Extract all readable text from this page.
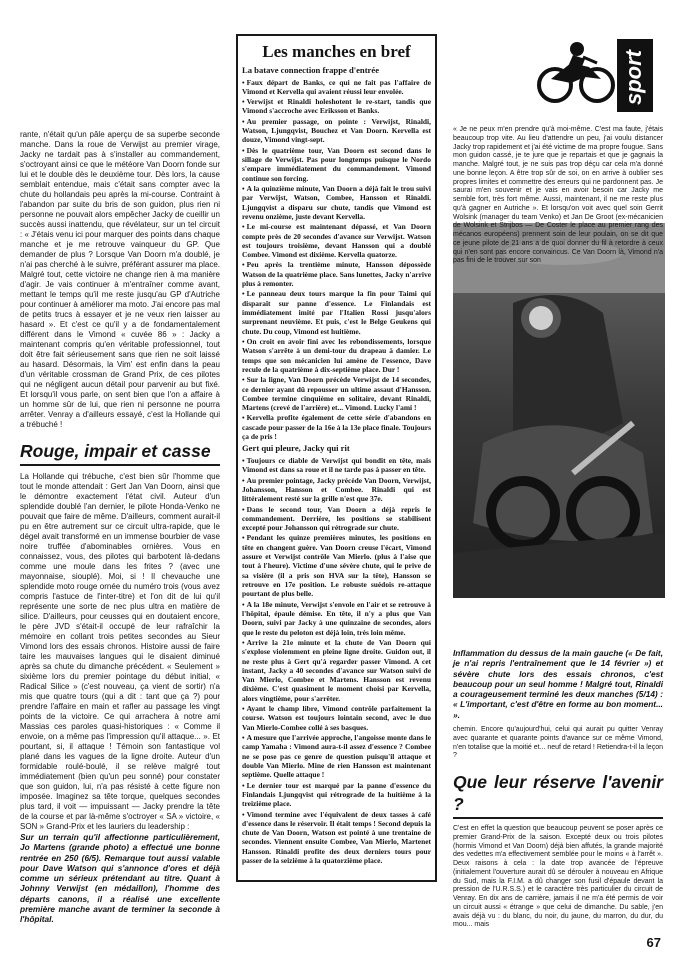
rante, n'était qu'un pâle aperçu de sa superbe seconde manche. Dans la roue de Verwijst au premier virage, Jacky ne tardait pas à s'installer au commandement, s'octroyant ainsi ce que le météore Van Doorn fonde sur lui et le double dès le deuxième tour. Dès lors, la cause semblait entendue, mais c'était sans compter avec la chute du hollandais peu après la mi-course. Contraint à l'abandon par suite du bris de son guidon, plus rien ni personne ne pouvait alors empêcher Jacky de cueillir un succès aussi inattendu, que révélateur, sur un tel circuit : « J'étais venu ici pour marquer des points dans chaque manche et je me retrouve vainqueur du GP. Que demander de plus ? Lorsque Van Doorn m'a doublé, je n'ai pas cherché à le suivre, préférant assurer ma place. Malgré tout, cette victoire ne change rien à ma manière d'agir. Je vais continuer à m'entraîner comme avant, mettant le temps qu'il me reste jusqu'au GP d'Autriche pour continuer à améliorer ma moto. J'ai encore pas mal de petits trucs à essayer et je ne veux rien laisser au hasard ». Et c'est ce qu'il y a de fondamentalement différent dans le Vimond « cuvée 86 » : Jacky a maintenant compris qu'en véritable professionnel, tout doit être fait sérieusement sans que rien ne soit laissé au hasard. Désormais, la Vim' est enfin dans la peau d'un véritable crossman de Grand Prix, de ces pilotes qui ne négligent aucun détail pour parvenir au but fixé. Et lorsqu'il vous parle, on sent bien que l'on a affaire à un homme sûr de lui, que rien ni personne ne pourra arrêter. Venray a d'ailleurs essayé, c'est la Hollande qui a trébuché !

Rouge, impair et casse

La Hollande qui trébuche, c'est bien sûr l'homme que tout le monde attendait : Gert Jan Van Doorn, ainsi que le démontre exactement l'état civil. Auteur d'un splendide doublé l'an dernier, le pilote Honda-Venko ne pouvait que faire de même. D'ailleurs, comment aurait-il pu en être autrement sur ce circuit ultra-rapide, que le dégel avait transformé en un immense bourbier de vase noire truffée d'abominables ornières. Vous en connaissez, vous, des pilotes qui barbotent là-dedans comme une moule dans les frites ? (avec une mayonnaise, siouplé). Moi, si ! Il chevauche une splendide moto rouge ornée du numéro trois (vous avez compris l'astuce de l'inter-titre) et l'on dit de lui qu'il représente une sorte de nec plus ultra en matière de silice. D'ailleurs, pour ceusses qui en doutaient encore, le père JVD s'était-il occupé de leur rafraîchir la mémoire en collant trois petites secondes au Sieur Vimond lors des essais chronos. Histoire aussi de faire taire les mauvaises langues qui le disaient diminué après sa chute du dimanche précédent. « Seulement » sixième lors du premier pointage du début initial, « Radical Silice » (c'est nouveau, ça vient de sortir) n'a mis que quatre tours (qui a dit : tant que ça ?) pour prendre l'affaire en main et rafler au passage les vingt points de la victoire. Ce qui arrachera à notre ami Massias ces paroles quasi-historiques : « Comme il envoie, on a même pas l'impression qu'il attaque... ». Et pourtant, si, il attaque ! Témoin son fantastique vol plané dans les vagues de la ligne droite. Auteur d'un formidable roulé-boulé, il se relève malgré tout immédiatement (bien qu'un peu sonné) pour constater que son guidon, lui, n'a pas résisté à cette figure non imposée. Imaginez sa tête torque, quelques secondes plus tard, il voit — impuissant — Jacky prendre la tête de la course et par là-même s'octroyer « SA » victoire, « SON » Grand-Prix et les lauriers du leadership :

Sur un terrain qu'il affectionne particulièrement, Jo Martens (grande photo) a effectué une bonne rentrée en 250 (6/5). Remarque tout aussi valable pour Dave Watson qui s'annonce d'ores et déjà comme un sérieux prétendant au titre. Quant à Johnny Verwijst (en médaillon), l'homme des départs canons, il a réalisé une excellente première manche avant de terminer la seconde à l'hôpital.

Les manches en bref
La batave connection frappe d'entrée

• Faux départ de Banks, ce qui ne fait pas l'affaire de Vimond et Kervella qui avaient réussi leur envolée.

• Verwijst et Rinaldi holeshotent le re-start, tandis que Vimond s'accroche avec Eriksson et Banks.

• Au premier passage, on pointe : Verwijst, Rinaldi, Watson, Ljungqvist, Bouchez et Van Doorn. Kervella est douze, Vimond vingt-sept.

• Dès le quatrième tour, Van Doorn est second dans le sillage de Verwijst. Pas pour longtemps puisque le Nordo s'empare immédiatement du commandement. Vimond continue son forcing.

• A la quinzième minute, Van Doorn a déjà fait le trou suivi par Verwijst, Watson, Combee, Hansson et Rinaldi. Ljungqvist a disparu sur chute, tandis que Vimond est revenu onzième, juste devant Kervella.

• Le mi-course est maintenant dépassé, et Van Doorn compte près de 20 secondes d'avance sur Verwijst. Watson est toujours troisième, devant Hansson qui a doublé Combee. Vimond est dixième. Kervella quatorze.

• Peu après la trentième minute, Hansson dépossède Watson de la quatrième place. Sans lunettes, Jacky n'arrive plus à remonter.

• Le panneau deux tours marque la fin pour Taimi qui disparaît sur panne d'essence. Le Finlandais est immédiatement imité par l'Italien Rossi jusqu'alors surprenant neuvième. Et puis, c'est le Belge Geukens qui chute. Du coup, Vimond est huitième.

• On croit en avoir fini avec les rebondissements, lorsque Watson s'arrête à un demi-tour du drapeau à damier. Le temps que son mécanicien lui amène de l'essence, Dave recule de la quatrième à dix-septième place. Dur !

• Sur la ligne, Van Doorn précède Verwijst de 14 secondes, ce dernier ayant dû repousser un ultime assaut d'Hansson. Combee termine cinquième en solitaire, devant Rinaldi, Martens (crevé de l'arrière) et... Vimond. Lucky l'ami !

• Kervella profite également de cette série d'abandons en cascade pour passer de la 16e à la 13e place finale. Toujours ça de pris !

Gert qui pleure, Jacky qui rit

• Toujours ce diable de Verwijst qui bondit en tête, mais Vimond est dans sa roue et il ne tarde pas à passer en tête.

• Au premier pointage, Jacky précède Van Doorn, Verwijst, Johansson, Hansson et Combee. Rinaldi qui est littéralement resté sur la grille n'est que 37e.

• Dans le second tour, Van Doorn a déjà repris le commandement. Derrière, les positions se stabilisent excepté pour Johansson qui rétrograde sur chute.

• Pendant les quinze premières minutes, les positions en tête en changent guère. Van Doorn creuse l'écart, Vimond assure et Verwijst contrôle Van Mierlo. (plus à l'aise que tout à l'heure). Victime d'une sévère chute, qui le prive de sa visière (il a pris son HVA sur la tête), Hansson se retrouve en 17e position. Le robuste suédois re-attaque pourtant de plus belle.

• A la 18e minute, Verwijst s'envole en l'air et se retrouve à l'hôpital, épaule démise. En tête, il n'y a plus que Van Doorn, suivi par Jacky à une quinzaine de secondes, alors que le reste du peloton est déjà loin, très loin même.

• Arrive la 21e minute et la chute de Van Doorn qui s'explose violemment en pleine ligne droite. Guidon out, il ne reste plus à Gert qu'à regarder passer Vimond. A cet instant, Jacky a 40 secondes d'avance sur Watson suivi de Van Mierlo, Combee et Martens. Hansson est revenu dixième. C'est quasiment le moment choisi par Kervella, alors vingtième, pour s'arrêter.

• Ayant le champ libre, Vimond contrôle parfaitement la course. Watson est toujours lointain second, avec le duo Van Mierlo-Combee collé à ses basques.

• A mesure que l'arrivée approche, l'angoisse monte dans le camp Yamaha : Vimond aura-t-il assez d'essence ? Combee ne se pose pas ce genre de question puisqu'il attaque et double Van Mierlo. Mine de rien Hansson est maintenant septième. Quelle attaque !

• Le dernier tour est marqué par la panne d'essence du Finlandais Ljungqvist qui rétrograde de la huitième à la treizième place.

• Vimond termine avec l'équivalent de deux tasses à café d'essence dans le réservoir. Il était temps ! Second depuis la chute de Van Doorn, Watson est pointé à une trentaine de secondes. Viennent ensuite Combee, Van Mierlo, Martenet Hansson. Rinaldi profite des deux derniers tours pour passer de la seizième à la quatorzième place.

sport

« Je ne peux m'en prendre qu'à moi-même. C'est ma faute, j'étais beaucoup trop vite. Au lieu d'attendre un peu, j'ai voulu distancer Jacky trop rapidement et j'ai été victime de ma propre fougue. Sans mon guidon cassé, je te jure que je repartais et que je gagnais la manche. Malgré tout, je ne suis pas trop déçu car cela m'a donné une bonne leçon. A être trop sûr de soi, on en arrive à oublier ses propres limites et commettre des erreurs qui ne pardonnent pas. Je saurai m'en souvenir et je vais en avoir besoin car Jacky me semble fort, très fort même. Aussi, maintenant, il ne me reste plus qu'à gagner en Autriche ». Et lorsqu'on voit avec quel soin Gerrit Wolsink (manager du team Venko) et Jan De Groot (ex-mécanicien de Wolsink et Strijbos — De Coster le place au premier rang des mécanos européens) prennent soin de leur poulain, on se dit que ce jeune pilote de 21 ans a de quoi donner du fil à retordre à ceux qui n'en sont pas encore convaincus. Ce Van Doorn là, Vimond n'a pas fini de le trouver sur son

Inflammation du dessus de la main gauche (« De fait, je n'ai repris l'entraînement que le 14 février ») et sévère chute lors des essais chronos, c'est beaucoup pour un seul homme ! Malgré tout, Rinaldi a courageusement terminé les deux manches (5/14) : « L'important, c'est d'être en forme au bon moment... ».

chemin. Encore qu'aujourd'hui, celui qui aurait pu quitter Venray avec quarante et quarante points d'avance sur ce même Vimond, n'en totalise que la moitié et... neuf de retard ! Retiendra-t-il la leçon ?

Que leur réserve l'avenir ?

C'est en effet la question que beaucoup peuvent se poser après ce premier Grand-Prix de la saison. Excepté deux ou trois pilotes (hormis Vimond et Van Doorn) déjà bien affutés, la grande majorité des vedettes m'a effectivement semblée pour le moins « à l'arrêt ». Deux raisons à cela : la date trop avancée de l'épreuve (initialement l'ouverture aurait dû se dérouler à nouveau en Afrique du Sud, mais la F.I.M. a dû changer son fusil d'épaule devant la pression de l'U.R.S.S.) et le caractère très particulier du circuit de Venray. En dix ans de carrière, jamais il ne m'a été permis de voir un circuit aussi « étrange » que celui de dimanche. Du sable, j'en avais déjà vu : du blanc, du noir, du jaune, du marron, du dur, du mou... mais

67
